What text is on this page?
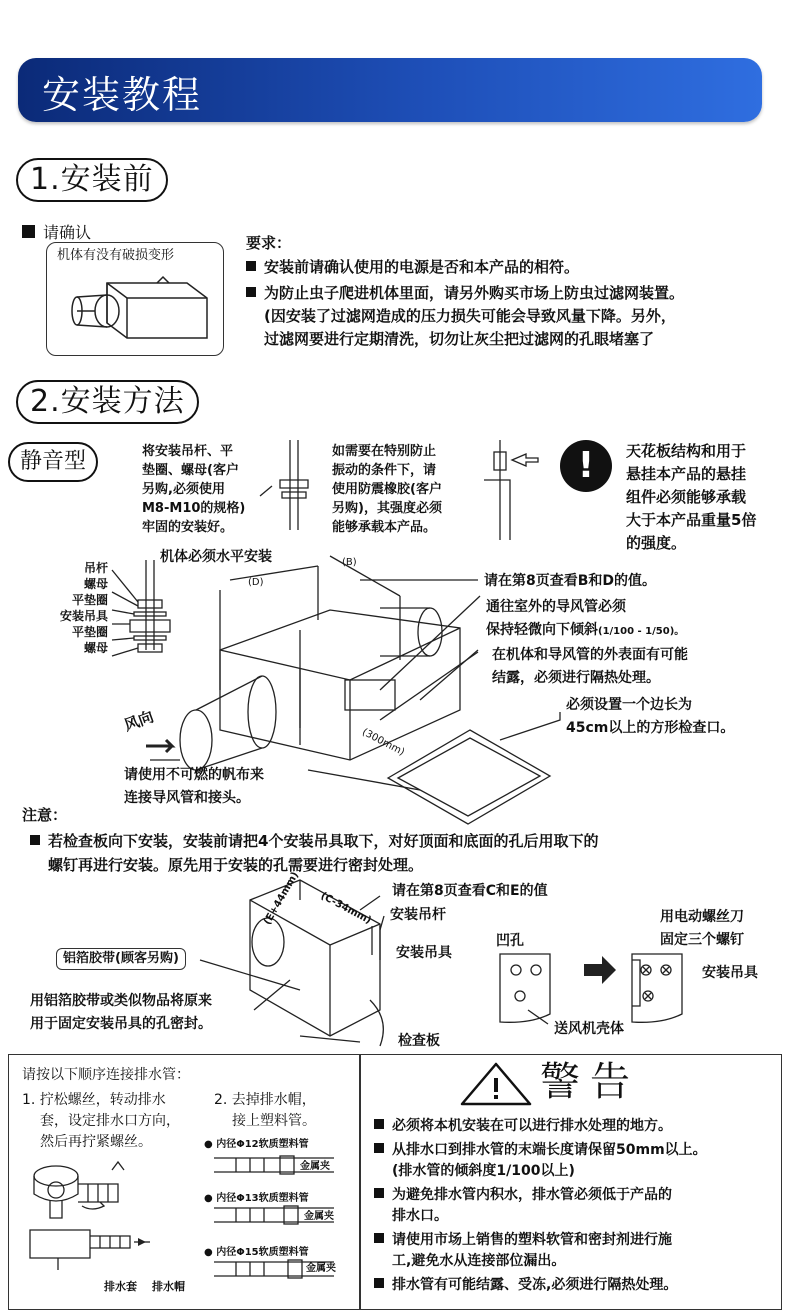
安装教程
1.安装前
请确认
机体有没有破损变形
要求：
安装前请确认使用的电源是否和本产品的相符。
为防止虫子爬进机体里面，请另外购买市场上防虫过滤网装置。
(因安装了过滤网造成的压力损失可能会导致风量下降。另外，
过滤网要进行定期清洗，切勿让灰尘把过滤网的孔眼堵塞了
2.安装方法
静音型	将安装吊杆、平
垫圈、螺母(客户
另购,必须使用
M8-M10的规格)
牢固的安装好。
如需要在特别防止
振动的条件下，请
使用防震橡胶(客户
另购)，其强度必须
能够承载本产品。
!	天花板结构和用于
悬挂本产品的悬挂
组件必须能够承载
大于本产品重量5倍
的强度。
吊杆
螺母
平垫圈
安装吊具
平垫圈
螺母
机体必须水平安装	(B)
(D)
(300mm)
请在第8页查看B和D的值。
通往室外的导风管必须
保持轻微向下倾斜(1/100 - 1/50)。
在机体和导风管的外表面有可能
结露，必须进行隔热处理。
必须设置一个边长为
45cm以上的方形检查口。
风向
请使用不可燃的帆布来
连接导风管和接头。
注意：
若检查板向下安装，安装前请把4个安装吊具取下，对好顶面和底面的孔后用取下的
螺钉再进行安装。原先用于安装的孔需要进行密封处理。
(E+44mm) (C-34mm) 请在第8页查看C和E的值
安装吊杆
安装吊具
铝箔胶带(顾客另购)
用铝箔胶带或类似物品将原来
用于固定安装吊具的孔密封。
检查板
凹孔
用电动螺丝刀
固定三个螺钉
安装吊具
送风机壳体
请按以下顺序连接排水管：
1. 拧松螺丝，转动排水
套，设定排水口方向，
然后再拧紧螺丝。
2. 去掉排水帽，
接上塑料管。
● 内径Φ12软质塑料管
金属夹
● 内径Φ13软质塑料管
金属夹
● 内径Φ15软质塑料管
金属夹
排水套 排水帽
警告
必须将本机安装在可以进行排水处理的地方。
从排水口到排水管的末端长度请保留50mm以上。
(排水管的倾斜度1/100以上)
为避免排水管内积水，排水管必须低于产品的
排水口。
请使用市场上销售的塑料软管和密封剂进行施
工,避免水从连接部位漏出。
排水管有可能结露、受冻,必须进行隔热处理。
